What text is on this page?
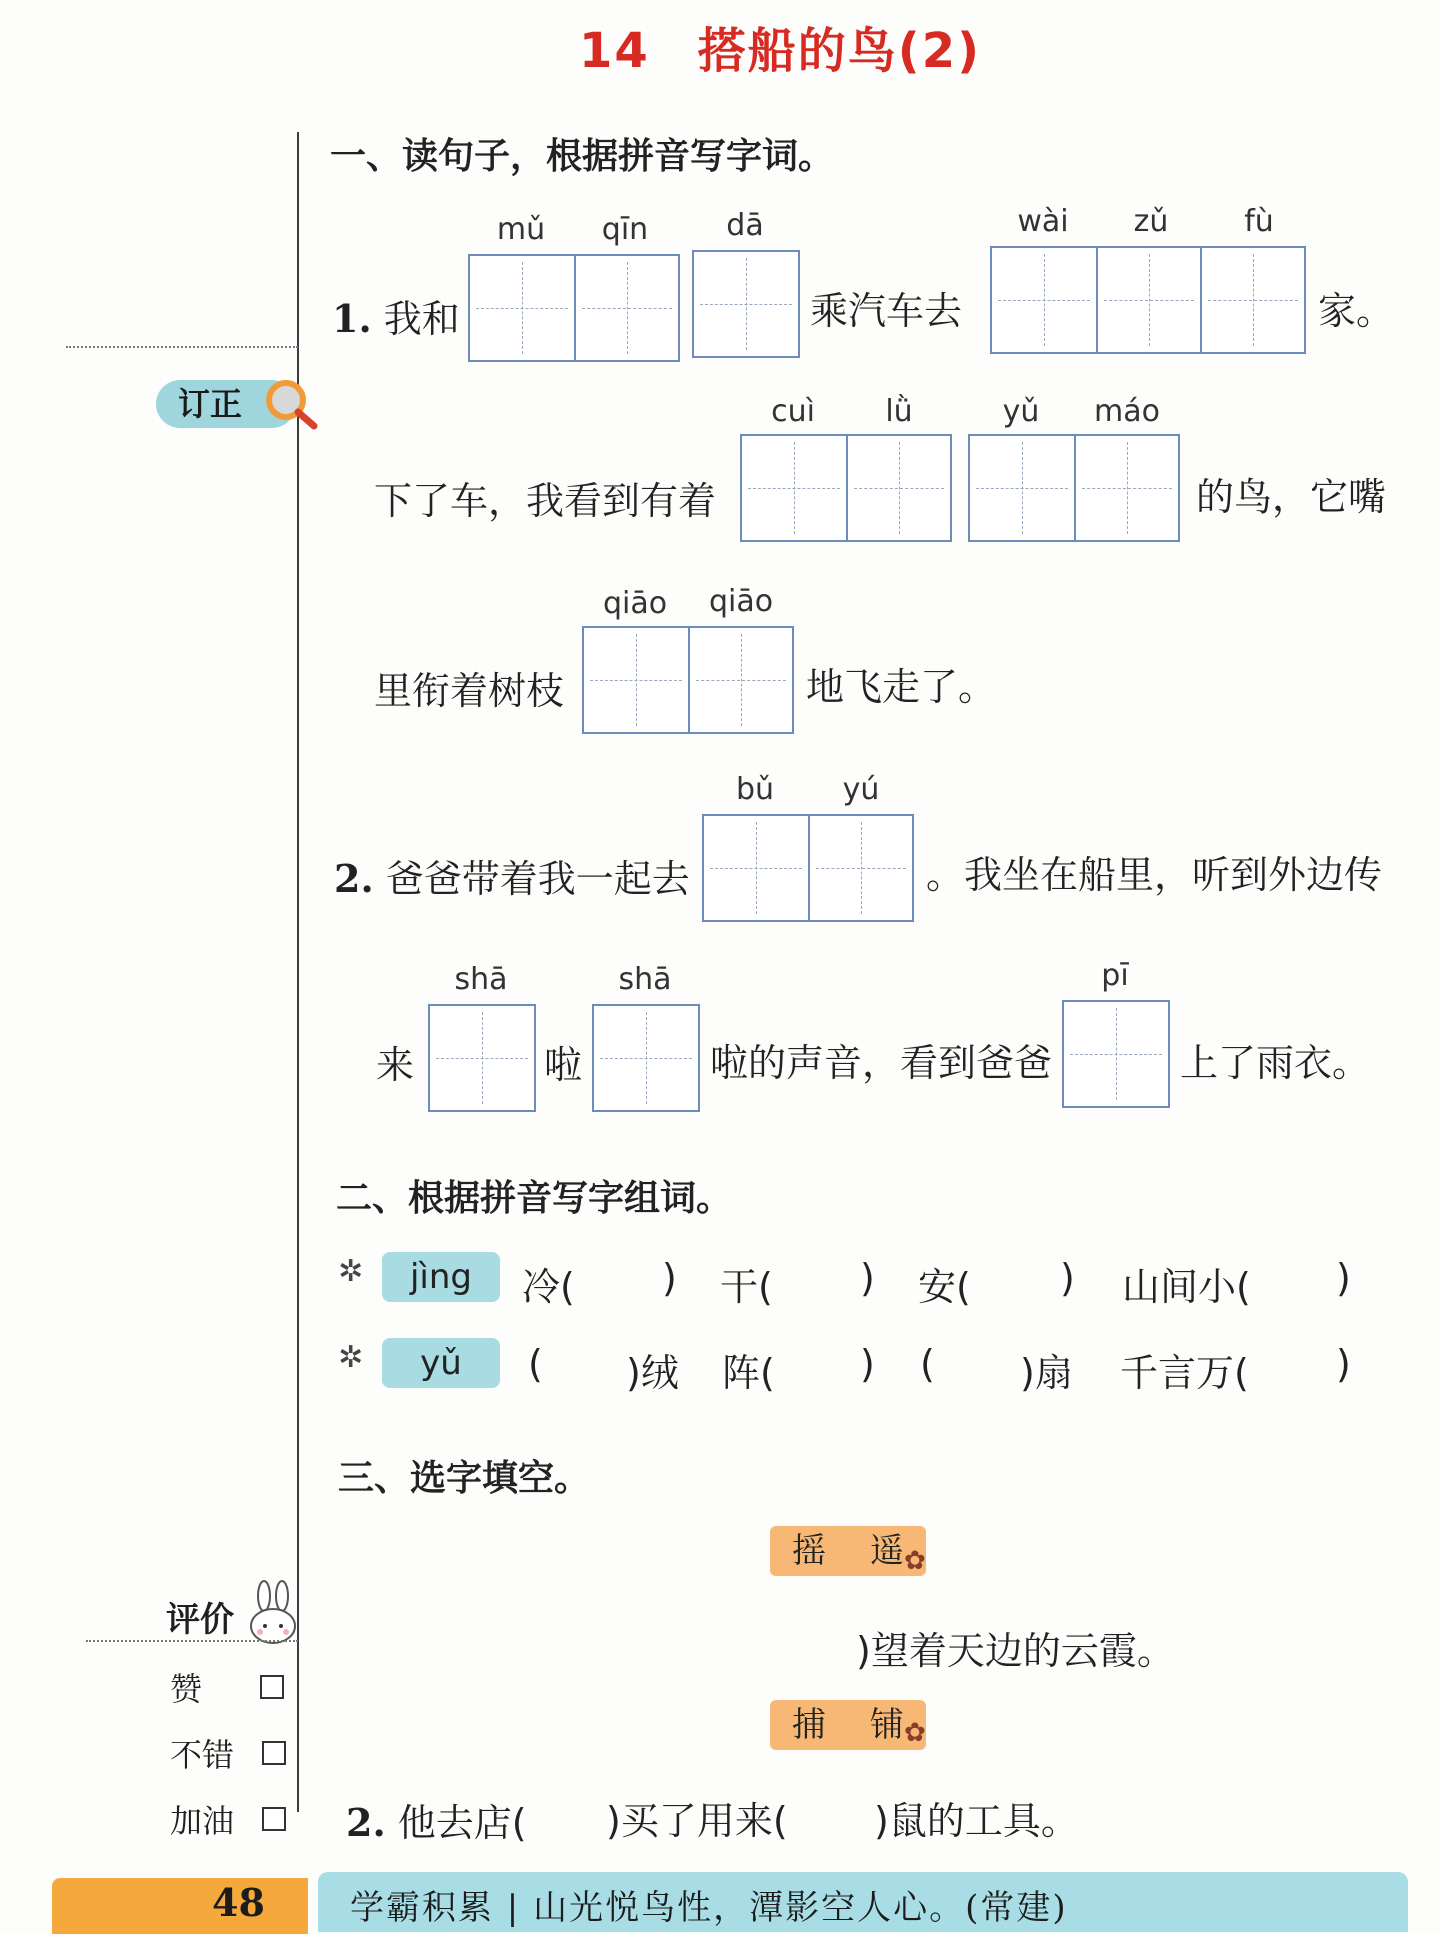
14 搭船的鸟(2)
订正
一、读句子，根据拼音写字词。
1. 我和
mǔ	qīn	dā
乘汽车去
wài	zǔ	fù
家。
下了车，我看到有着
cuì	lǜ	yǔ	máo
的鸟，它嘴
里衔着树枝
qiāo	qiāo
地飞走了。
2. 爸爸带着我一起去
bǔ	yú
。我坐在船里，听到外边传
来
shā
啦
shā
啦的声音，看到爸爸
pī
上了雨衣。
二、根据拼音写字组词。
✲	jìng	冷( ) 干( ) 安( ) 山间小( )
✲	yǔ	( )绒 阵( ) ( )扇 千言万( )
三、选字填空。
摇 遥 ✿
)望着天边的云霞。
捕 铺 ✿
2. 他去店( )买了用来( )鼠的工具。
评价
赞
不错
加油
48	学霸积累 | 山光悦鸟性，潭影空人心。(常建)
